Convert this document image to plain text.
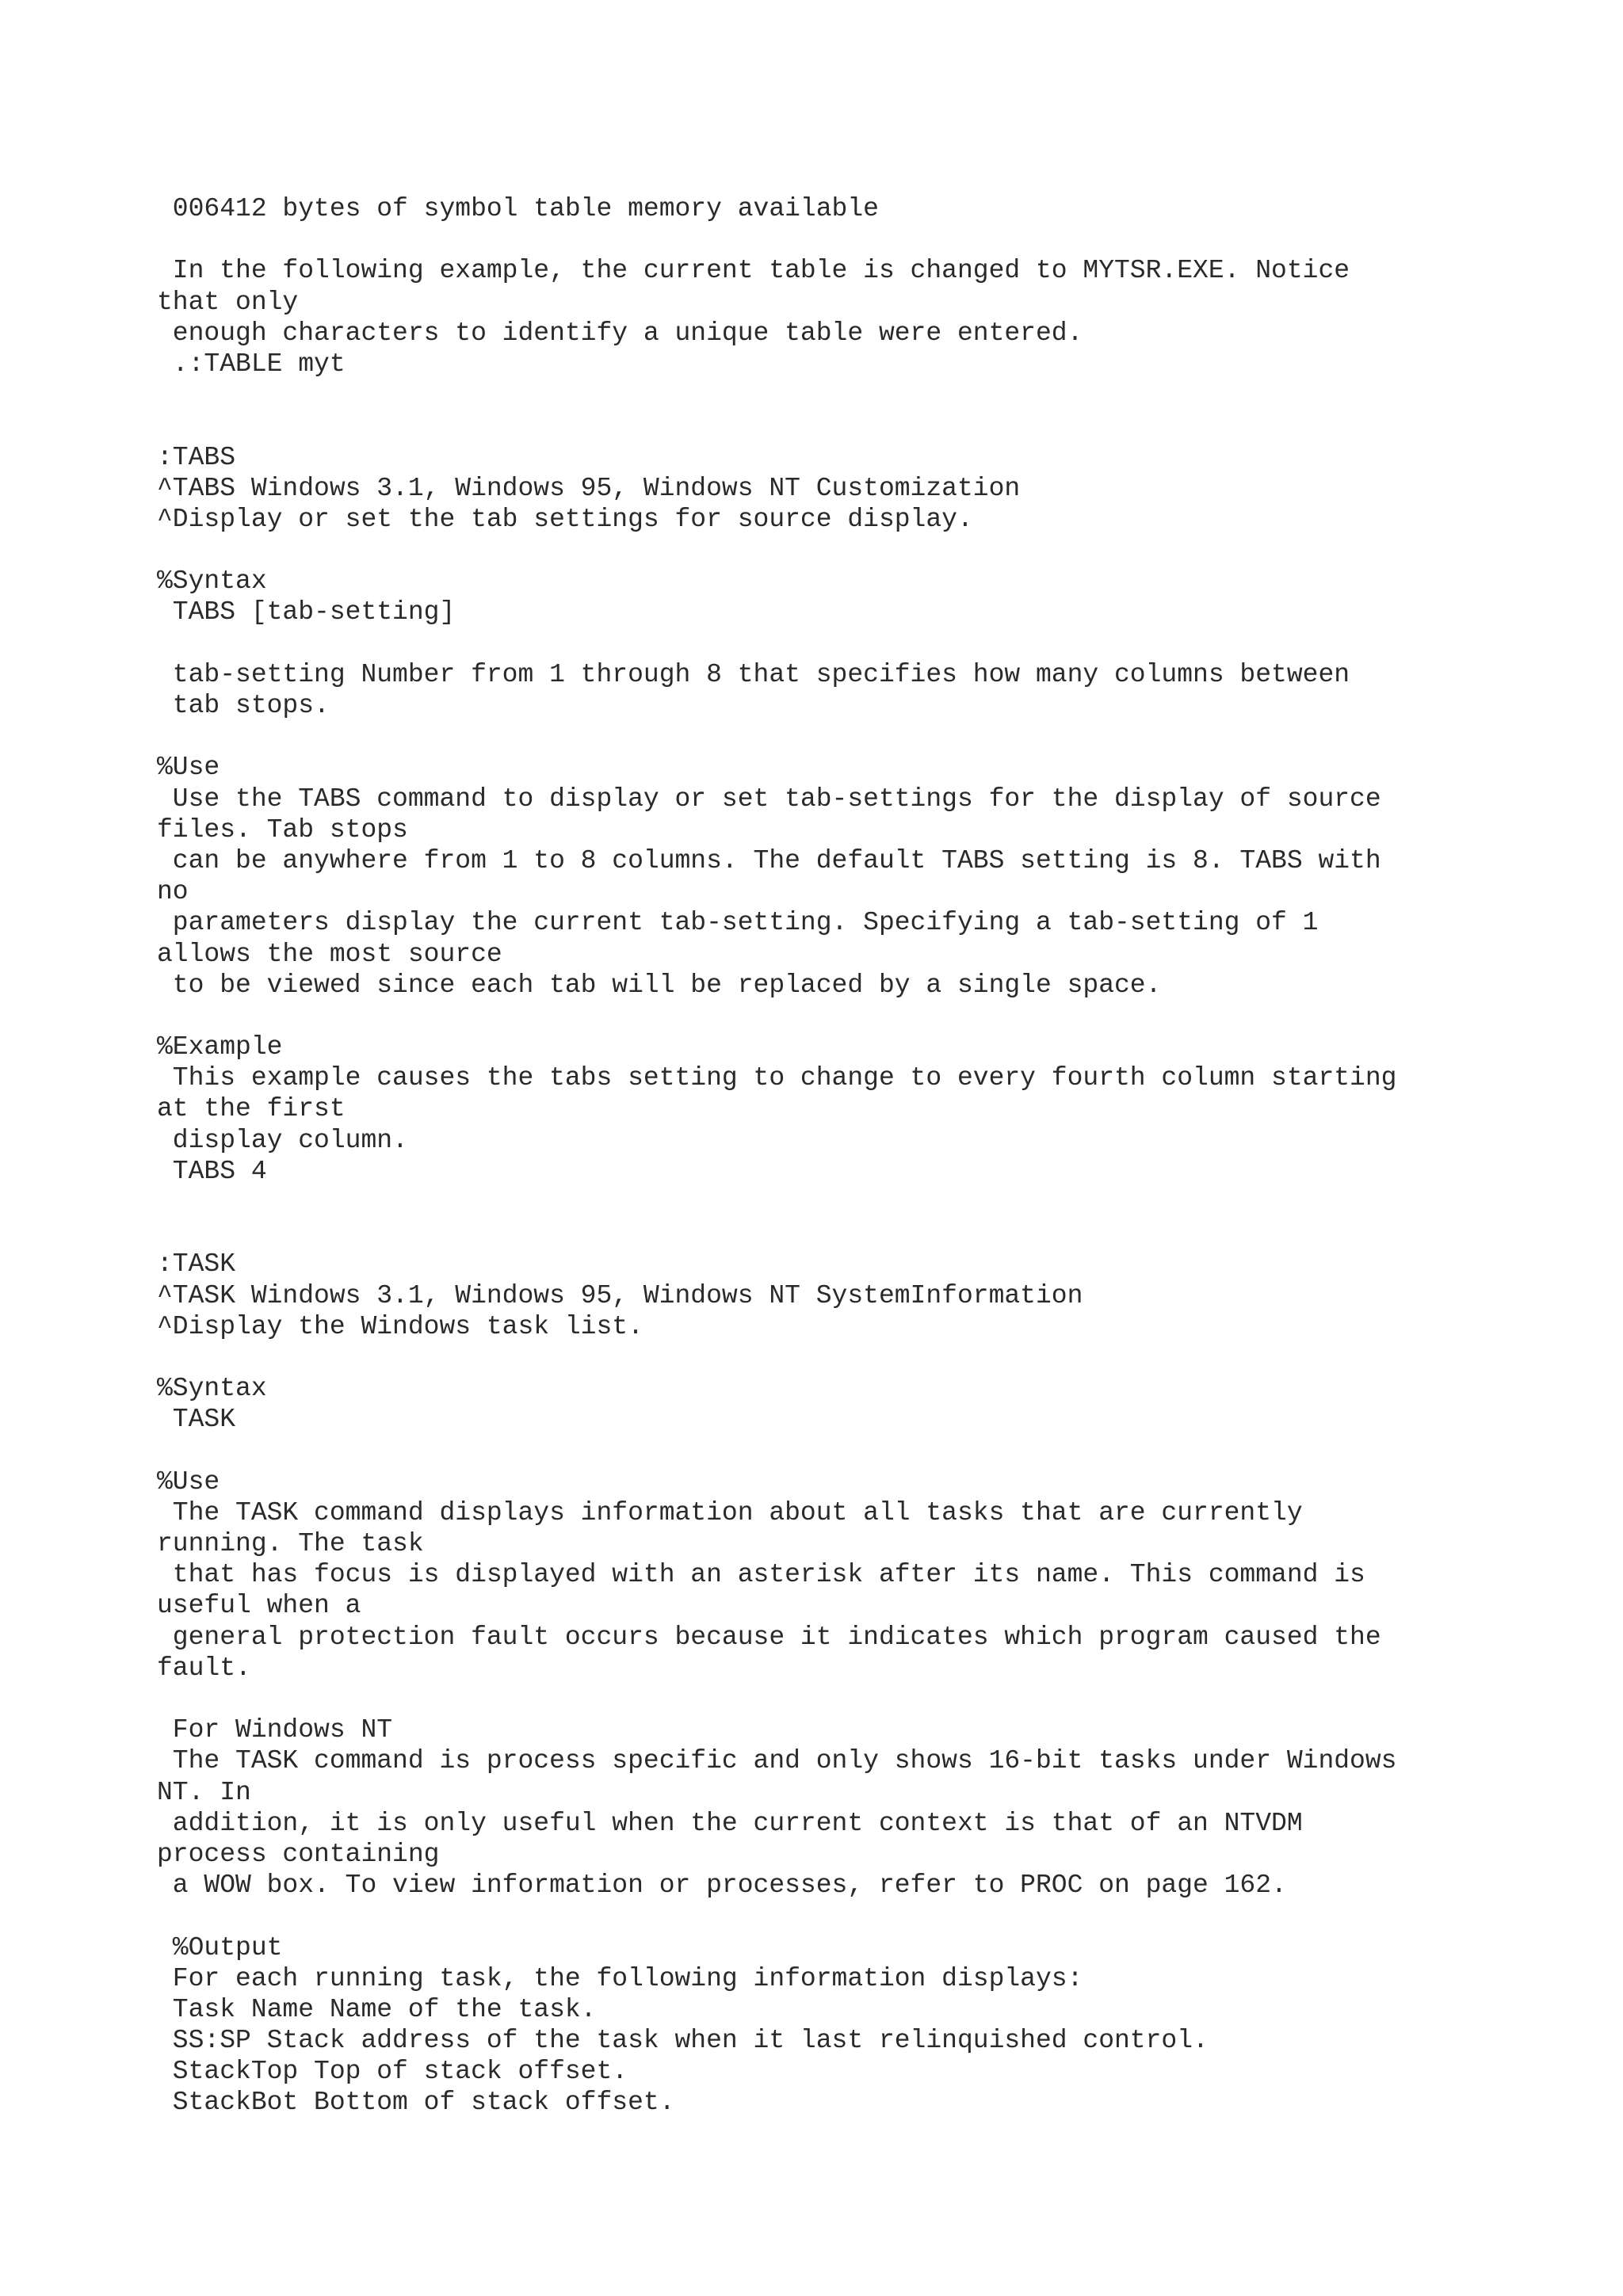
006412 bytes of symbol table memory available
In the following example, the current table is changed to MYTSR.EXE. Notice
that only
enough characters to identify a unique table were entered.
.:TABLE myt
:TABS
^TABS Windows 3.1, Windows 95, Windows NT Customization
^Display or set the tab settings for source display.
%Syntax
TABS [tab-setting]
tab-setting Number from 1 through 8 that specifies how many columns between
tab stops.
%Use
Use the TABS command to display or set tab-settings for the display of source
files. Tab stops
can be anywhere from 1 to 8 columns. The default TABS setting is 8. TABS with
no
parameters display the current tab-setting. Specifying a tab-setting of 1
allows the most source
to be viewed since each tab will be replaced by a single space.
%Example
This example causes the tabs setting to change to every fourth column starting
at the first
display column.
TABS 4
:TASK
^TASK Windows 3.1, Windows 95, Windows NT SystemInformation
^Display the Windows task list.
%Syntax
TASK
%Use
The TASK command displays information about all tasks that are currently
running. The task
that has focus is displayed with an asterisk after its name. This command is
useful when a
general protection fault occurs because it indicates which program caused the
fault.
For Windows NT
The TASK command is process specific and only shows 16-bit tasks under Windows
NT. In
addition, it is only useful when the current context is that of an NTVDM
process containing
a WOW box. To view information or processes, refer to PROC on page 162.
%Output
For each running task, the following information displays:
Task Name Name of the task.
SS:SP Stack address of the task when it last relinquished control.
StackTop Top of stack offset.
StackBot Bottom of stack offset.
